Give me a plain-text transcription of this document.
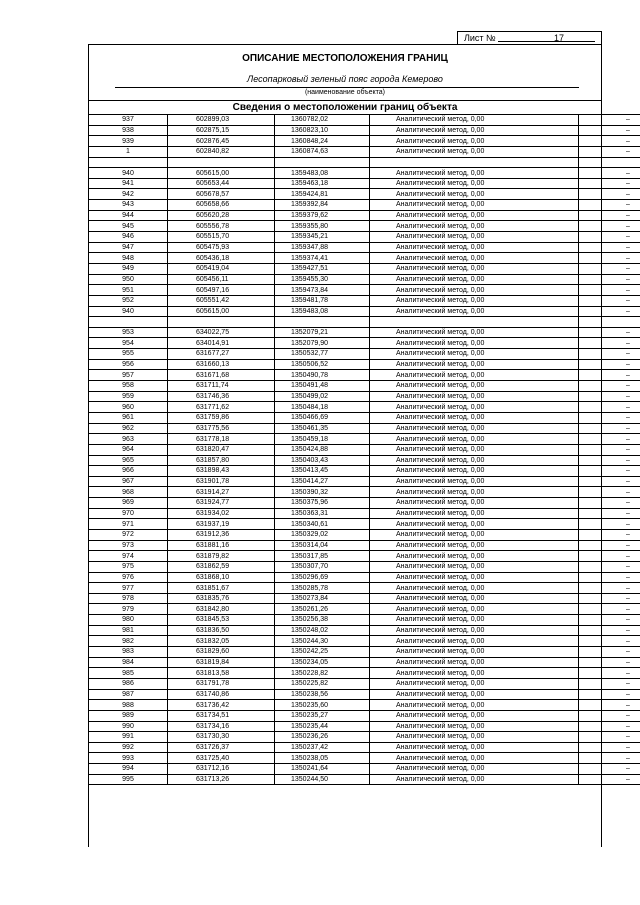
Лист №	17
ОПИСАНИЕ МЕСТОПОЛОЖЕНИЯ ГРАНИЦ
Лесопарковый зеленый пояс города Кемерово
(наименование объекта)
Сведения о местоположении границ объекта
937	602899,03	1360782,02	Аналитический метод, 0,00	–
938	602875,15	1360823,10	Аналитический метод, 0,00	–
939	602876,45	1360848,24	Аналитический метод, 0,00	–
1	602840,82	1360874,63	Аналитический метод, 0,00	–

940	605615,00	1359483,08	Аналитический метод, 0,00	–
941	605653,44	1359463,18	Аналитический метод, 0,00	–
942	605678,57	1359424,81	Аналитический метод, 0,00	–
943	605658,66	1359392,84	Аналитический метод, 0,00	–
944	605620,28	1359379,62	Аналитический метод, 0,00	–
945	605556,78	1359355,80	Аналитический метод, 0,00	–
946	605515,70	1359345,21	Аналитический метод, 0,00	–
947	605475,93	1359347,88	Аналитический метод, 0,00	–
948	605436,18	1359374,41	Аналитический метод, 0,00	–
949	605419,04	1359427,51	Аналитический метод, 0,00	–
950	605456,11	1359455,30	Аналитический метод, 0,00	–
951	605497,16	1359473,84	Аналитический метод, 0,00	–
952	605551,42	1359481,78	Аналитический метод, 0,00	–
940	605615,00	1359483,08	Аналитический метод, 0,00	–

953	634022,75	1352079,21	Аналитический метод, 0,00	–
954	634014,91	1352079,90	Аналитический метод, 0,00	–
955	631677,27	1350532,77	Аналитический метод, 0,00	–
956	631660,13	1350506,52	Аналитический метод, 0,00	–
957	631671,68	1350490,78	Аналитический метод, 0,00	–
958	631711,74	1350491,48	Аналитический метод, 0,00	–
959	631746,36	1350499,02	Аналитический метод, 0,00	–
960	631771,62	1350484,18	Аналитический метод, 0,00	–
961	631759,86	1350466,69	Аналитический метод, 0,00	–
962	631775,56	1350461,35	Аналитический метод, 0,00	–
963	631778,18	1350459,18	Аналитический метод, 0,00	–
964	631820,47	1350424,88	Аналитический метод, 0,00	–
965	631857,80	1350403,43	Аналитический метод, 0,00	–
966	631898,43	1350413,45	Аналитический метод, 0,00	–
967	631901,78	1350414,27	Аналитический метод, 0,00	–
968	631914,27	1350390,32	Аналитический метод, 0,00	–
969	631924,77	1350375,96	Аналитический метод, 0,00	–
970	631934,02	1350363,31	Аналитический метод, 0,00	–
971	631937,19	1350340,61	Аналитический метод, 0,00	–
972	631912,36	1350329,02	Аналитический метод, 0,00	–
973	631881,16	1350314,04	Аналитический метод, 0,00	–
974	631879,82	1350317,85	Аналитический метод, 0,00	–
975	631862,59	1350307,70	Аналитический метод, 0,00	–
976	631868,10	1350296,69	Аналитический метод, 0,00	–
977	631851,67	1350285,78	Аналитический метод, 0,00	–
978	631835,76	1350273,84	Аналитический метод, 0,00	–
979	631842,80	1350261,26	Аналитический метод, 0,00	–
980	631845,53	1350256,38	Аналитический метод, 0,00	–
981	631836,50	1350248,02	Аналитический метод, 0,00	–
982	631832,05	1350244,30	Аналитический метод, 0,00	–
983	631829,60	1350242,25	Аналитический метод, 0,00	–
984	631819,84	1350234,05	Аналитический метод, 0,00	–
985	631813,58	1350228,82	Аналитический метод, 0,00	–
986	631791,78	1350225,82	Аналитический метод, 0,00	–
987	631740,86	1350238,56	Аналитический метод, 0,00	–
988	631736,42	1350235,60	Аналитический метод, 0,00	–
989	631734,51	1350235,27	Аналитический метод, 0,00	–
990	631734,16	1350235,44	Аналитический метод, 0,00	–
991	631730,30	1350236,26	Аналитический метод, 0,00	–
992	631726,37	1350237,42	Аналитический метод, 0,00	–
993	631725,40	1350238,05	Аналитический метод, 0,00	–
994	631712,16	1350241,64	Аналитический метод, 0,00	–
995	631713,26	1350244,50	Аналитический метод, 0,00	–
